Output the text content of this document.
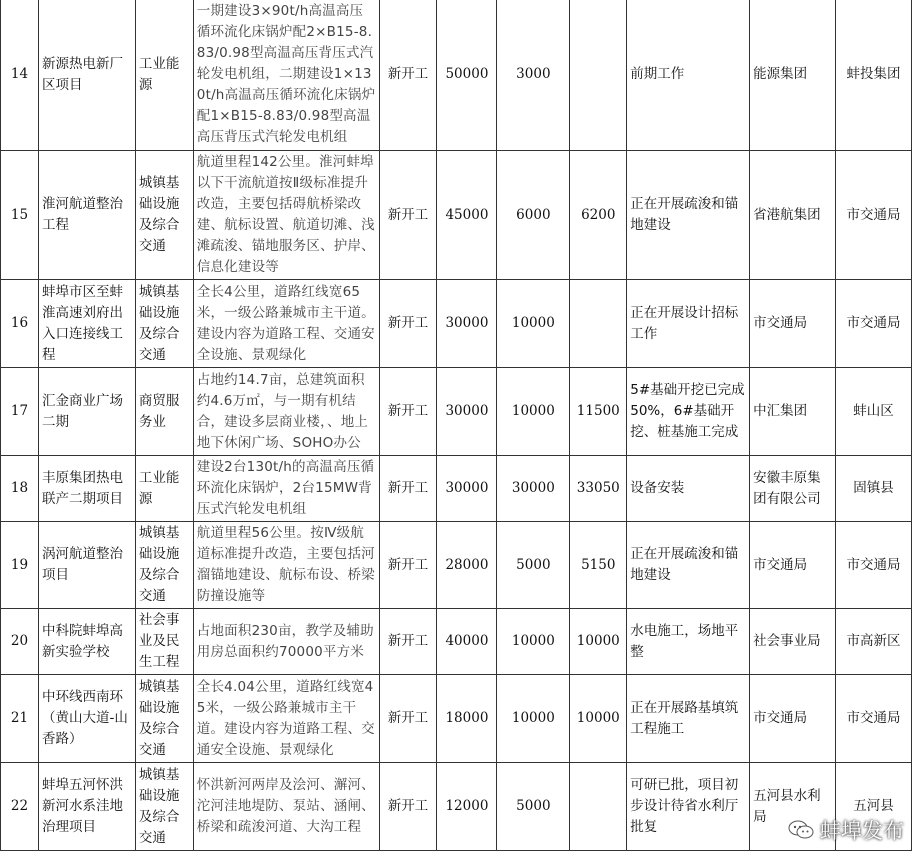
14	新源热电新厂区项目	工业能源	一期建设3×90t/h高温高压循环流化床锅炉配2×B15-8.83/0.98型高温高压背压式汽轮发电机组，二期建设1×130t/h高温高压循环流化床锅炉配1×B15-8.83/0.98型高温高压背压式汽轮发电机组	新开工	50000	3000		前期工作	能源集团	蚌投集团
15	淮河航道整治工程	城镇基础设施及综合交通	航道里程142公里。淮河蚌埠以下干流航道按Ⅱ级标准提升改造，主要包括碍航桥梁改建、航标设置、航道切滩、浅滩疏浚、锚地服务区、护岸、信息化建设等	新开工	45000	6000	6200	正在开展疏浚和锚地建设	省港航集团	市交通局
16	蚌埠市区至蚌淮高速刘府出入口连接线工程	城镇基础设施及综合交通	全长4公里，道路红线宽65米，一级公路兼城市主干道。建设内容为道路工程、交通安全设施、景观绿化	新开工	30000	10000		正在开展设计招标工作	市交通局	市交通局
17	汇金商业广场二期	商贸服务业	占地约14.7亩，总建筑面积约4.6万㎡，与一期有机结合，建设多层商业楼，、地上地下休闲广场、SOHO办公	新开工	30000	10000	11500	5#基础开挖已完成50%，6#基础开挖、桩基施工完成	中汇集团	蚌山区
18	丰原集团热电联产二期项目	工业能源	建设2台130t/h的高温高压循环流化床锅炉，2台15MW背压式汽轮发电机组	新开工	30000	30000	33050	设备安装	安徽丰原集团有限公司	固镇县
19	涡河航道整治项目	城镇基础设施及综合交通	航道里程56公里。按Ⅳ级航道标准提升改造，主要包括河溜锚地建设、航标布设、桥梁防撞设施等	新开工	28000	5000	5150	正在开展疏浚和锚地建设	市交通局	市交通局
20	中科院蚌埠高新实验学校	社会事业及民生工程	占地面积230亩，教学及辅助用房总面积约70000平方米	新开工	40000	10000	10000	水电施工，场地平整	社会事业局	市高新区
21	中环线西南环（黄山大道-山香路）	城镇基础设施及综合交通	全长4.04公里，道路红线宽45米，一级公路兼城市主干道。建设内容为道路工程、交通安全设施、景观绿化	新开工	18000	10000	10000	正在开展路基填筑工程施工	市交通局	市交通局
22	蚌埠五河怀洪新河水系洼地治理项目	城镇基础设施及综合交通	怀洪新河两岸及浍河、澥河、沱河洼地堤防、泵站、涵闸、桥梁和疏浚河道、大沟工程	新开工	12000	5000		可研已批，项目初步设计待省水利厅批复	五河县水利局	五河县
蚌埠发布
